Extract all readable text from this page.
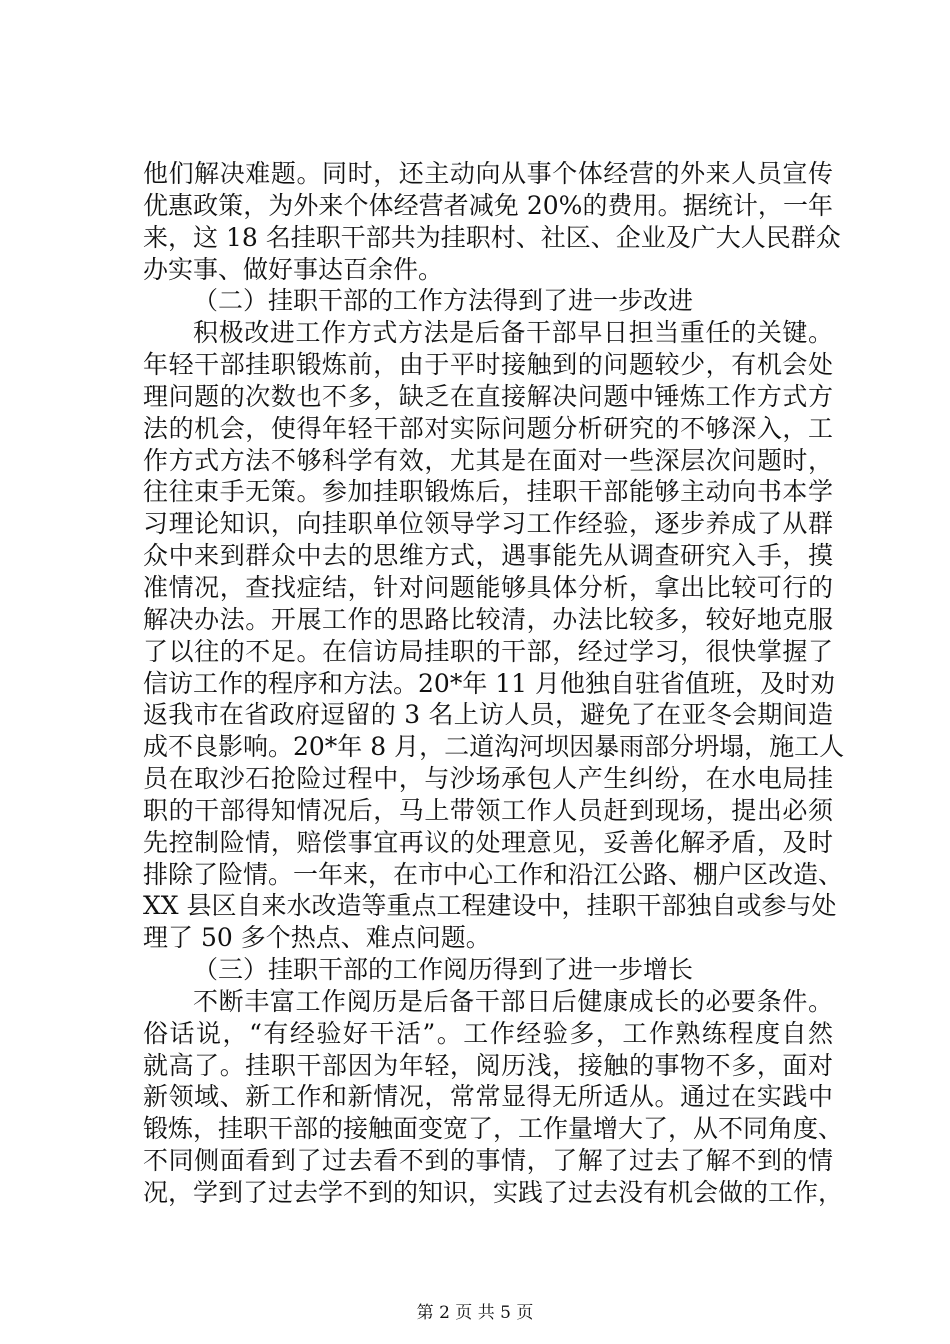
他们解决难题。同时，还主动向从事个体经营的外来人员宣传
优惠政策，为外来个体经营者减免 20%的费用。据统计，一年
来，这 18 名挂职干部共为挂职村、社区、企业及广大人民群众
办实事、做好事达百余件。
（二）挂职干部的工作方法得到了进一步改进
积极改进工作方式方法是后备干部早日担当重任的关键。
年轻干部挂职锻炼前，由于平时接触到的问题较少，有机会处
理问题的次数也不多，缺乏在直接解决问题中锤炼工作方式方
法的机会，使得年轻干部对实际问题分析研究的不够深入，工
作方式方法不够科学有效，尤其是在面对一些深层次问题时，
往往束手无策。参加挂职锻炼后，挂职干部能够主动向书本学
习理论知识，向挂职单位领导学习工作经验，逐步养成了从群
众中来到群众中去的思维方式，遇事能先从调查研究入手，摸
准情况，查找症结，针对问题能够具体分析，拿出比较可行的
解决办法。开展工作的思路比较清，办法比较多，较好地克服
了以往的不足。在信访局挂职的干部，经过学习，很快掌握了
信访工作的程序和方法。20*年 11 月他独自驻省值班，及时劝
返我市在省政府逗留的 3 名上访人员，避免了在亚冬会期间造
成不良影响。20*年 8 月，二道沟河坝因暴雨部分坍塌，施工人
员在取沙石抢险过程中，与沙场承包人产生纠纷，在水电局挂
职的干部得知情况后，马上带领工作人员赶到现场，提出必须
先控制险情，赔偿事宜再议的处理意见，妥善化解矛盾，及时
排除了险情。一年来，在市中心工作和沿江公路、棚户区改造、
XX 县区自来水改造等重点工程建设中，挂职干部独自或参与处
理了 50 多个热点、难点问题。
（三）挂职干部的工作阅历得到了进一步增长
不断丰富工作阅历是后备干部日后健康成长的必要条件。
俗话说，“有经验好干活”。工作经验多，工作熟练程度自然
就高了。挂职干部因为年轻，阅历浅，接触的事物不多，面对
新领域、新工作和新情况，常常显得无所适从。通过在实践中
锻炼，挂职干部的接触面变宽了，工作量增大了，从不同角度、
不同侧面看到了过去看不到的事情，了解了过去了解不到的情
况，学到了过去学不到的知识，实践了过去没有机会做的工作，
第 2 页 共 5 页
